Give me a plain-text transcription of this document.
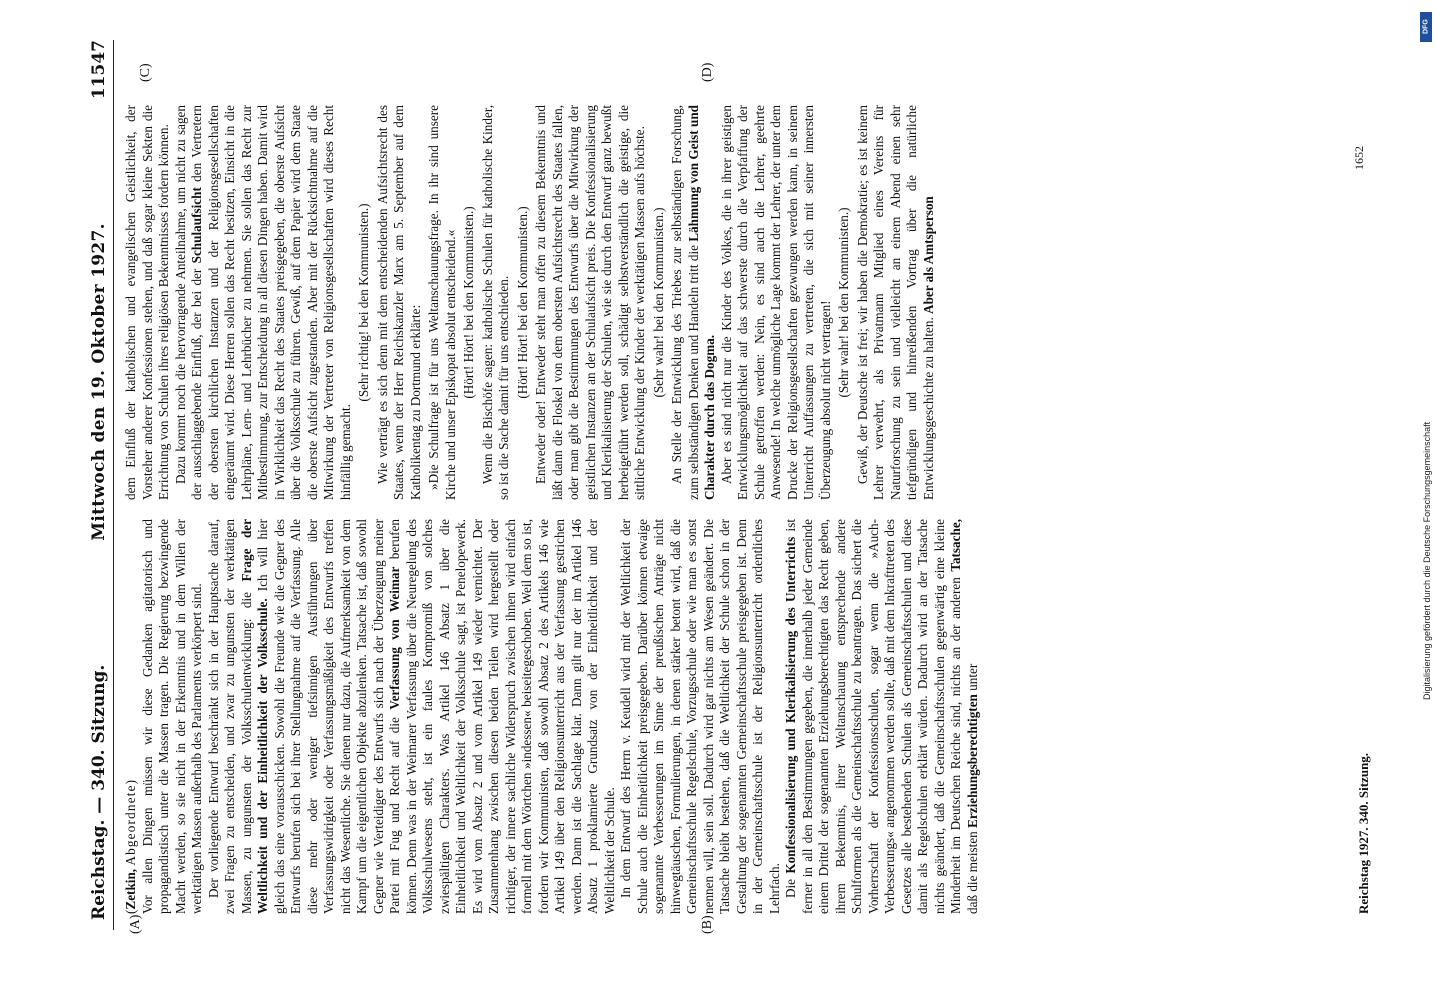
Reichstag. — 340. Sitzung.
Mittwoch den 19. Oktober 1927.
11547
(A)	(B)
(C)	(D)

(Zetkin, Abgeordnete) Vor allen Dingen müssen wir diese Gedanken agitatorisch und propagandistisch unter die Massen tragen. Die Regierung bezwingende Macht werden, so sie nicht in der Erkenntnis und in dem Willen der werktätigen Massen außerhalb des Parlaments verkörpert sind. Der vorliegende Entwurf beschränkt sich in der Hauptsache darauf, zwei Fragen zu entscheiden, und zwar zu ungunsten der werktätigen Massen, zu ungunsten der Volksschulentwicklung: die Frage der Weltlichkeit und der Einheitlichkeit der Volksschule. Ich will hier gleich das eine vorausschicken. Sowohl die Freunde wie die Gegner des Entwurfs berufen sich bei ihrer Stellungnahme auf die Verfassung. Alle diese mehr oder weniger tiefsinnigen Ausführungen über Verfassungswidrigkeit oder Verfassungsmäßigkeit des Entwurfs treffen nicht das Wesentliche. Sie dienen nur dazu, die Aufmerksamkeit von dem Kampf um die eigentlichen Objekte abzulenken. Tatsache ist, daß sowohl Gegner wie Verteidiger des Entwurfs sich nach der Überzeugung meiner Partei mit Fug und Recht auf die Verfassung von Weimar berufen können. Denn was in der Weimarer Verfassung über die Neuregelung des Volksschulwesens steht, ist ein faules Kompromiß von solches zwiespältigen Charakters. Was Artikel 146 Absatz 1 über die Einheitlichkeit und Weltlichkeit der Volksschule sagt, ist Penelopewerk. Es wird vom Absatz 2 und vom Artikel 149 wieder vernichtet. Der Zusammenhang zwischen diesen beiden Teilen wird hergestellt oder richtiger, der innere sachliche Widerspruch zwischen ihnen wird einfach formell mit dem Wörtchen »indessen« beiseitegeschoben. Weil dem so ist, fordern wir Kommunisten, daß sowohl Absatz 2 des Artikels 146 wie Artikel 149 über den Religionsunterricht aus der Verfassung gestrichen werden. Dann ist die Sachlage klar. Dann gilt nur der im Artikel 146 Absatz 1 proklamierte Grundsatz von der Einheitlichkeit und der Weltlichkeit der Schule. In dem Entwurf des Herrn v. Keudell wird mit der Weltlichkeit der Schule auch die Einheitlichkeit preisgegeben. Darüber können etwaige sogenannte Verbesserungen im Sinne der preußischen Anträge nicht hinwegtäuschen, Formulierungen, in denen stärker betont wird, daß die Gemeinschaftsschule Regelschule, Vorzugsschule oder wie man es sonst nennen will, sein soll. Dadurch wird gar nichts am Wesen geändert. Die Tatsache bleibt bestehen, daß die Weltlichkeit der Schule schon in der Gestaltung der sogenannten Gemeinschaftsschule preisgegeben ist. Denn in der Gemeinschaftsschule ist der Religionsunterricht ordentliches Lehrfach. Die Konfessionalisierung und Klerikalisierung des Unterrichts ist ferner in all den Bestimmungen gegeben, die innerhalb jeder Gemeinde einem Drittel der sogenannten Erziehungsberechtigten das Recht geben, ihrem Bekenntnis, ihrer Weltanschauung entsprechende andere Schulformen als die Gemeinschaftsschule zu beantragen. Das sichert die Vorherrschaft der Konfessionsschulen, sogar wenn die »Auch-Verbesserungs« angenommen werden sollte, daß mit dem Inkrafttreten des Gesetzes alle bestehenden Schulen als Gemeinschaftsschulen und diese damit als Regelschulen erklärt würden. Dadurch wird an der Tatsache nichts geändert, daß die Gemeinschaftsschulen gegenwärtig eine kleine Minderheit im Deutschen Reiche sind, nichts an der anderen Tatsache, daß die meisten Erziehungsberechtigten unter

dem Einfluß der katholischen und evangelischen Geistlichkeit, der Vorsteher anderer Konfessionen stehen, und daß sogar kleine Sekten die Errichtung von Schulen ihres religiösen Bekenntnisses fordern können. Dazu kommt noch die hervorragende Anteilnahme, um nicht zu sagen der ausschlaggebende Einfluß, der bei der Schulaufsicht den Vertretern der obersten kirchlichen Instanzen und der Religionsgesellschaften eingeräumt wird. Diese Herren sollen das Recht besitzen, Einsicht in die Lehrpläne, Lern- und Lehrbücher zu nehmen. Sie sollen das Recht zur Mitbestimmung, zur Entscheidung in all diesen Dingen haben. Damit wird in Wirklichkeit das Recht des Staates preisgegeben, die oberste Aufsicht über die Volksschule zu führen. Gewiß, auf dem Papier wird dem Staate die oberste Aufsicht zugestanden. Aber mit der Rücksichtnahme auf die Mitwirkung der Vertreter von Religionsgesellschaften wird dieses Recht hinfällig gemacht.

(Sehr richtig! bei den Kommunisten.) Wie verträgt es sich denn mit dem entscheidenden Aufsichtsrecht des Staates, wenn der Herr Reichskanzler Marx am 5. September auf dem Katholikentag zu Dortmund erklärte: »Die Schulfrage ist für uns Weltanschauungsfrage. In ihr sind unsere Kirche und unser Episkopat absolut entscheidend.« (Hört! Hört! bei den Kommunisten.) Wenn die Bischöfe sagen: katholische Schulen für katholische Kinder, so ist die Sache damit für uns entschieden. (Hört! Hört! bei den Kommunisten.) Entweder oder! Entweder steht man offen zu diesem Bekenntnis und läßt dann die Floskel von dem obersten Aufsichtsrecht des Staates fallen, oder man gibt die Bestimmungen des Entwurfs über die Mitwirkung der geistlichen Instanzen an der Schulaufsicht preis. Die Konfessionalisierung und Klerikalisierung der Schulen, wie sie durch den Entwurf ganz bewußt herbeigeführt werden soll, schädigt selbstverständlich die geistige, die sittliche Entwicklung der Kinder der werktätigen Massen aufs höchste. (Sehr wahr! bei den Kommunisten.) An Stelle der Entwicklung des Triebes zur selbständigen Forschung, zum selbständigen Denken und Handeln tritt die Lähmung von Geist und Charakter durch das Dogma. Aber es sind nicht nur die Kinder des Volkes, die in ihrer geistigen Entwicklungsmöglichkeit auf das schwerste durch die Verpfaffung der Schule getroffen werden: Nein, es sind auch die Lehrer, geehrte Anwesende! In welche unmögliche Lage kommt der Lehrer, der unter dem Drucke der Religionsgesellschaften gezwungen werden kann, in seinem Unterricht Auffassungen zu vertreten, die sich mit seiner innersten Überzeugung absolut nicht vertragen! (Sehr wahr! bei den Kommunisten.) Gewiß, der Deutsche ist frei; wir haben die Demokratie; es ist keinem Lehrer verwehrt, als Privatmann Mitglied eines Vereins für Naturforschung zu sein und vielleicht an einem Abend einen sehr tiefgründigen und hinreißenden Vortrag über die natürliche Entwicklungsgeschichte zu halten. Aber als Amtsperson

Reichstag 1927. 340. Sitzung.
1652
DFG
Digitalisierung gefördert durch die Deutsche Forschungsgemeinschaft
